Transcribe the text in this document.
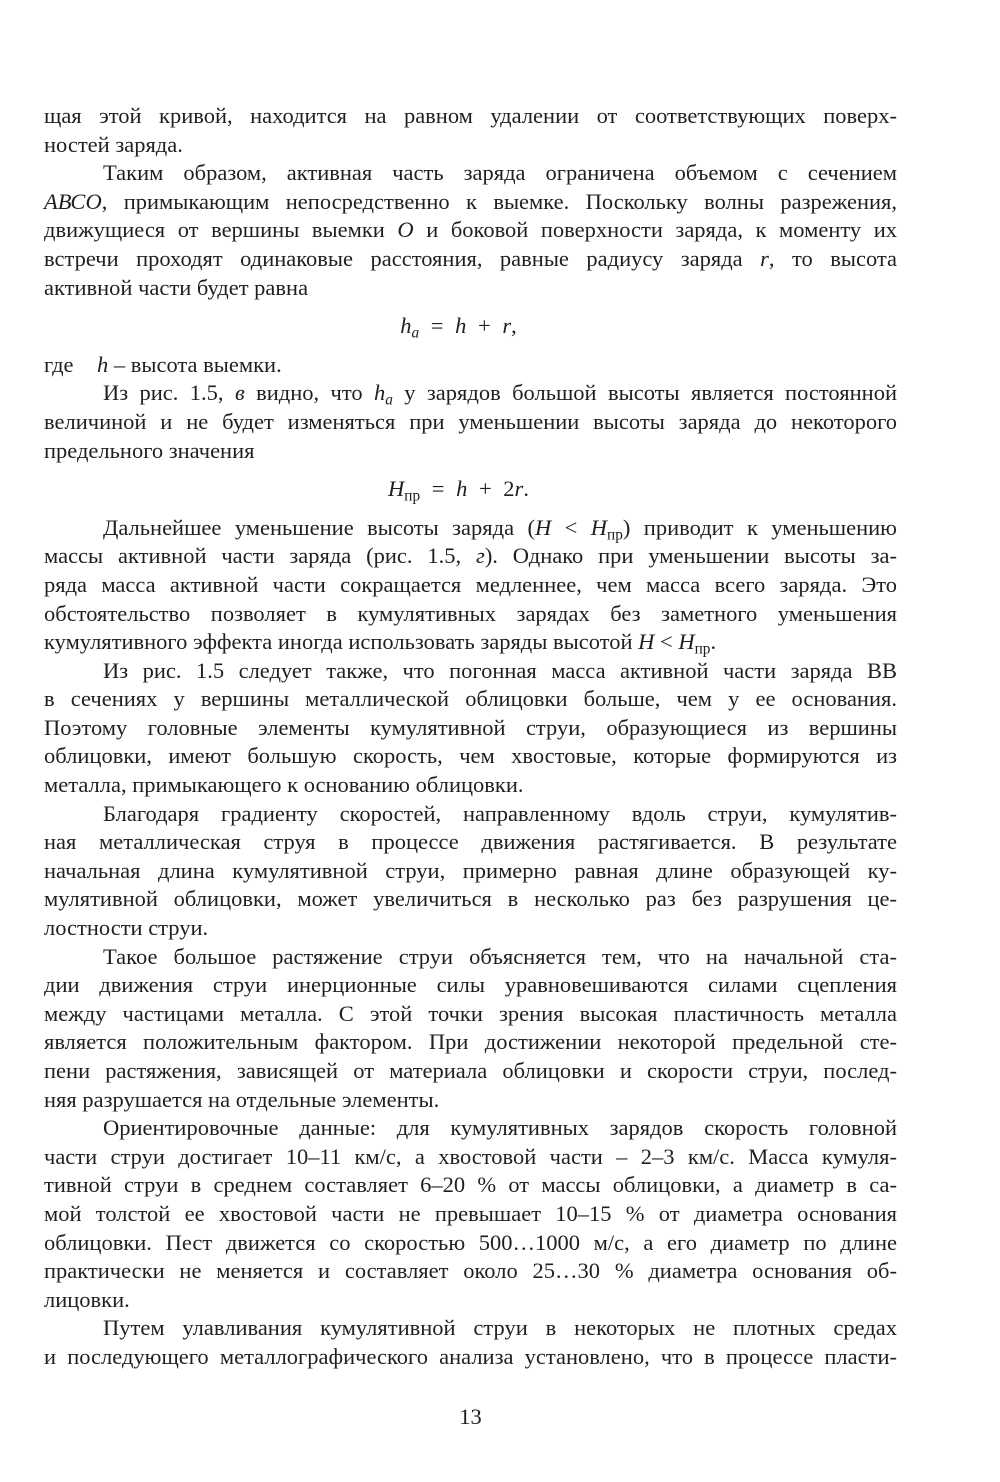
щая этой кривой, находится на равном удалении от соответствующих поверх-
ностей заряда.
Таким образом, активная часть заряда ограничена объемом с сечением
АВСО, примыкающим непосредственно к выемке. Поскольку волны разрежения,
движущиеся от вершины выемки О и боковой поверхности заряда, к моменту их
встречи проходят одинаковые расстояния, равные радиусу заряда r, то высота
активной части будет равна
$h_a = h + r$,
где h – высота выемки.
Из рис. 1.5, в видно, что $h_a$ у зарядов большой высоты является постоянной
величиной и не будет изменяться при уменьшении высоты заряда до некоторого
предельного значения
$H_{пр} = h + 2r$.
Дальнейшее уменьшение высоты заряда $(H < H_{пр})$ приводит к уменьшению
массы активной части заряда (рис. 1.5, г). Однако при уменьшении высоты за-
ряда масса активной части сокращается медленнее, чем масса всего заряда. Это
обстоятельство позволяет в кумулятивных зарядах без заметного уменьшения
кумулятивного эффекта иногда использовать заряды высотой $H < H_{пр}$.
Из рис. 1.5 следует также, что погонная масса активной части заряда ВВ
в сечениях у вершины металлической облицовки больше, чем у ее основания.
Поэтому головные элементы кумулятивной струи, образующиеся из вершины
облицовки, имеют большую скорость, чем хвостовые, которые формируются из
металла, примыкающего к основанию облицовки.
Благодаря градиенту скоростей, направленному вдоль струи, кумулятив-
ная металлическая струя в процессе движения растягивается. В результате
начальная длина кумулятивной струи, примерно равная длине образующей ку-
мулятивной облицовки, может увеличиться в несколько раз без разрушения це-
лостности струи.
Такое большое растяжение струи объясняется тем, что на начальной ста-
дии движения струи инерционные силы уравновешиваются силами сцепления
между частицами металла. С этой точки зрения высокая пластичность металла
является положительным фактором. При достижении некоторой предельной сте-
пени растяжения, зависящей от материала облицовки и скорости струи, послед-
няя разрушается на отдельные элементы.
Ориентировочные данные: для кумулятивных зарядов скорость головной
части струи достигает 10–11 км/с, а хвостовой части – 2–3 км/с. Масса кумуля-
тивной струи в среднем составляет 6–20 % от массы облицовки, а диаметр в са-
мой толстой ее хвостовой части не превышает 10–15 % от диаметра основания
облицовки. Пест движется со скоростью 500…1000 м/с, а его диаметр по длине
практически не меняется и составляет около 25…30 % диаметра основания об-
лицовки.
Путем улавливания кумулятивной струи в некоторых не плотных средах
и последующего металлографического анализа установлено, что в процессе пласти-
13
